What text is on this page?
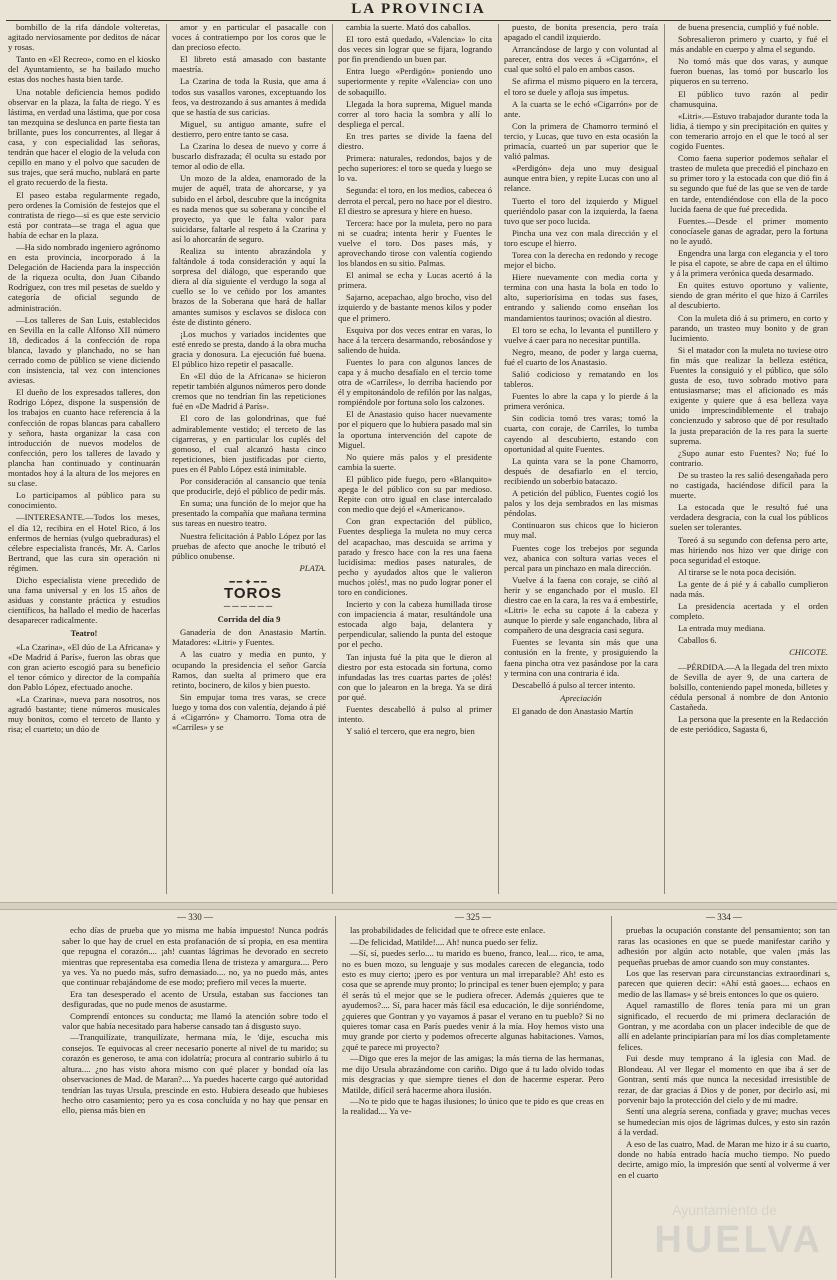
LA PROVINCIA

bombillo de la rifa dándole volteretas, agitado nerviosamente por deditos de nácar y rosas.

Tanto en «El Recreo», como en el kiosko del Ayuntamiento, se ha bailado mucho estas dos noches hasta bien tarde.

Una notable deficiencia hemos podido observar en la plaza, la falta de riego. Y es lástima, en verdad una lástima, que por cosa tan mezquina se deslunca en parte fiesta tan brillante, pues los concurrentes, al llegar á casa, y con especialidad las señoras, tendrán que hacer el elogio de la veluda con cepillo en mano y el polvo que sacuden de sus trajes, que será mucho, nublará en parte el grato recuerdo de la fiesta.

El paseo estaba regularmente regado, pero ordenes la Comisión de festejos que el contratista de riego—si es que este servicio está por contrata—se traga el agua que había de echar en la plaza.

—Ha sido nombrado ingeniero agrónomo en esta provincia, incorporado á la Delegación de Hacienda para la inspección de la riqueza oculta, don Juan Cibando Rodríguez, con tres mil pesetas de sueldo y categoría de oficial segundo de administración.

—Los talleres de San Luis, establecidos en Sevilla en la calle Alfonso XII número 18, dedicados á la confección de ropa blanca, lavado y planchado, no se han cerrado como de público se viene diciendo con insistencia, tal vez con intenciones aviesas.

El dueño de los expresados talleres, don Rodrigo López, dispone la suspensión de los trabajos en cuanto hace referencia á la confección de ropas blancas para caballero y señora, hasta organizar la casa con introducción de nuevos modelos de confección, pero los talleres de lavado y plancha han continuado y continuarán montados hoy á la altura de los mejores en su clase.

Lo participamos al público para su conocimiento.

—INTERESANTE.—Todos los meses, el día 12, recibira en el Hotel Rico, á los enfermos de hernias (vulgo quebraduras) el célebre especialista francés, Mr. A. Carlos Bertrand, que las cura sin operación ni régimen.

Dicho especialista viene precedido de una fama universal y en los 15 años de asiduas y constante práctica y estudios científicos, ha hallado el medio de hacerlas desaparecer radicalmente.

Teatro!

«La Czarina», «El dúo de La Africana» y «De Madrid á París», fueron las obras que con gran acierto escogió para su beneficio el tenor cómico y director de la compañía don Pablo López, efectuado anoche.

«La Czarina», nueva para nosotros, nos agradó bastante; tiene números musicales muy bonitos, como el terceto de llanto y risa; el cuarteto; un dúo de

amor y en particular el pasacalle con voces á contratiempo por los coros que le dan precioso efecto.

El libreto está amasado con bastante maestría.

La Czarina de toda la Rusia, que ama á todos sus vasallos varones, exceptuando los feos, va destrozando á sus amantes á medida que se hastía de sus caricias.

Miguel, su antiguo amante, sufre el destierro, pero entre tanto se casa.

La Czarina lo desea de nuevo y corre á buscarlo disfrazada; él oculta su estado por temor al odio de ella.

Un mozo de la aldea, enamorado de la mujer de aquél, trata de ahorcarse, y ya subido en el árbol, descubre que la incógnita es nada menos que su soberana y concibe el proyecto, ya que le falta valor para suicidarse, faltarle al respeto á la Czarina y así lo ahorcarán de seguro.

Realiza su intento abrazándola y faltándole á toda consideración y aquí la sorpresa del diálogo, que esperando que diera al día siguiente el verdugo la soga al cuello se lo ve ceñido por los amantes brazos de la Soberana que hará de hallar amantes sumisos y esclavos se disloca con éste de distinto género.

¡Los muchos y variados incidentes que esté enredo se presta, dando á la obra mucha gracia y donosura. La ejecución fué buena. El público hizo repetir el pasacalle.

En «El dúo de la Africana» se hicieron repetir también algunos números pero donde cremos que no tendrían fin las repeticiones fué en «De Madrid á París».

El coro de las golondrinas, que fué admirablemente vestido; el terceto de las cigarreras, y en particular los cuplés del gomoso, el cual alcanzó hasta cinco repeticiones, bien justificadas por cierto, pues en él Pablo López está inimitable.

Por consideración al cansancio que tenía que producirle, dejó el público de pedir más.

En suma; una función de lo mejor que ha presentado la compañía que mañana termina sus tareas en nuestro teatro.

Nuestra felicitación á Pablo López por las pruebas de afecto que anoche le tributó el público onubense.

PLATA.

━━✦━━

TOROS

──────

Corrida del día 9

Ganadería de don Anastasio Martín. Matadores: «Litri» y Fuentes.

A las cuatro y media en punto, y ocupando la presidencia el señor García Ramos, dan suelta al primero que era retinto, bocinero, de kilos y bien puesto.

Sin empujar toma tres varas, se crece luego y toma dos con valentía, dejando á pié á «Cigarrón» y Chamorro. Toma otra de «Carriles» y se

cambia la suerte. Mató dos caballos.

El toro está quedado, «Valencia» lo cita dos veces sin lograr que se fijara, logrando por fin prendiendo un buen par.

Entra luego «Perdigón» poniendo uno superiormente y repite «Valencia» con uno de sobaquillo.

Llegada la hora suprema, Miguel manda correr al toro hacia la sombra y allí lo despliega el percal.

En tres partes se divide la faena del diestro.

Primera: naturales, redondos, bajos y de pecho superiores: el toro se queda y luego se lo va.

Segunda: el toro, en los medios, cabecea ó derrota el percal, pero no hace por el diestro. El diestro se apresura y hiere en hueso.

Tercera: hace por la muleta, pero no para ni se cuadra; intenta herir y Fuentes le vuelve el toro. Dos pases más, y aprovechando tirose con valentía cogiendo los blandos en su sitio. Palmas.

El animal se echa y Lucas acertó á la primera.

Sajarno, acepachao, algo brocho, viso del izquierdo y de bastante menos kilos y poder que el primero.

Esquiva por dos veces entrar en varas, lo hace á la tercera desarmando, rebosándose y saliendo de huída.

Fuentes lo para con algunos lances de capa y á mucho desafíalo en el tercio tome otra de «Carriles», lo derriba haciendo por él y empitonándolo de refilón por las nalgas, rompiéndole por fortuna solo los calzones.

El de Anastasio quiso hacer nuevamente por el piquero que lo hubiera pasado mal sin la oportuna intervención del capote de Miguel.

No quiere más palos y el presidente cambia la suerte.

El público pide fuego, pero «Blanquito» apega le del público con su par medioso. Repite con otro igual en clase intercalado con medio que dejó el «Americano».

Con gran expectación del público, Fuentes despliega la muleta no muy cerca del acapachao, mas descuida se arrima y parado y fresco hace con la res una faena lucidísima: medios pases naturales, de pecho y ayudados altos que le valieron muchos ¡olés!, mas no pudo lograr poner el toro en condiciones.

Incierto y con la cabeza humillada tirose con impaciencia á matar, resultándole una estocada algo baja, delantera y perpendicular, saliendo la punta del estoque por el pecho.

Tan injusta fué la pita que le dieron al diestro por esta estocada sin fortuna, como infundadas las tres cuartas partes de ¡olés! con que lo jalearon en la brega. Ya se dirá por qué.

Fuentes descabelló á pulso al primer intento.

Y salió el tercero, que era negro, bien

puesto, de bonita presencia, pero traía apagado el candil izquierdo.

Arrancándose de largo y con voluntad al parecer, entra dos veces á «Cigarrón», el cual que soltó el palo en ambos casos.

Se afirma el mismo piquero en la tercera, el toro se duele y afloja sus ímpetus.

A la cuarta se le echó «Cigarrón» por de ante.

Con la primera de Chamorro terminó el tercio, y Lucas, que tuvo en esta ocasión la primacía, cuarteó un par superior que le valió palmas.

«Perdigón» deja uno muy desigual aunque entra bien, y repite Lucas con uno al relance.

Tuerto el toro del izquierdo y Miguel queriéndolo pasar con la izquierda, la faena tuvo que ser poco lucida.

Pincha una vez con mala dirección y el toro escupe el hierro.

Torea con la derecha en redondo y recoge mejor el bicho.

Hiere nuevamente con media corta y termina con una hasta la bola en todo lo alto, superiorísima en todas sus fases, entrando y saliendo como enseñan los mandamientos taurinos; ovación al diestro.

El toro se echa, lo levanta el puntillero y vuelve á caer para no necesitar puntilla.

Negro, meano, de poder y larga cuerna, fué el cuarto de los Anastasio.

Salió codicioso y rematando en los tableros.

Fuentes lo abre la capa y lo pierde á la primera verónica.

Sin codicia tomó tres varas; tomó la cuarta, con coraje, de Carriles, lo tumba cayendo al descubierto, estando con oportunidad al quite Fuentes.

La quinta vara se la pone Chamorro, después de desafiarlo en el tercio, recibiendo un soberbio batacazo.

A petición del público, Fuentes cogió los palos y los deja sembrados en las mismas péndolas.

Continuaron sus chicos que lo hicieron muy mal.

Fuentes coge los trebejos por segunda vez, abanica con soltura varias veces el percal para un pinchazo en mala dirección.

Vuelve á la faena con coraje, se ciñó al herir y se enganchado por el muslo. El diestro cae en la cara, la res va á embestirle, «Litri» le echa su capote á la cabeza y aunque lo pierde y sale enganchado, libra al compañero de una desgracia casi segura.

Fuentes se levanta sin más que una contusión en la frente, y prosiguiendo la faena pincha otra vez pasándose por la cara y termina con una contraria é ida.

Descabelló á pulso al tercer intento.

Apreciación

El ganado de don Anastasio Martín

de buena presencia, cumplió y fué noble.

Sobresalieron primero y cuarto, y fué el más andable en cuerpo y alma el segundo.

No tomó más que dos varas, y aunque fueron buenas, las tomó por buscarlo los piqueros en su terreno.

El público tuvo razón al pedir chamusquina.

«Litri».—Estuvo trabajador durante toda la lidia, á tiempo y sin precipitación en quites y con temerario arrojo en el que le tocó al ser cogido Fuentes.

Como faena superior podemos señalar el trasteo de muleta que precedió el pinchazo en su primer toro y la estocada con que dió fin á su segundo que fué de las que se ven de tarde en tarde, entendiéndose con ella de la poco lucida faena de que fué precedida.

Fuentes.—Desde el primer momento conocíasele ganas de agradar, pero la fortuna no le ayudó.

Engendra una larga con elegancia y el toro le pisa el capote, se abre de capa en el último y á la primera verónica queda desarmado.

En quites estuvo oportuno y valiente, siendo de gran mérito el que hizo á Carriles al descubierto.

Con la muleta dió á su primero, en corto y parando, un trasteo muy bonito y de gran lucimiento.

Si el matador con la muleta no tuviese otro fin más que realizar la belleza estética, Fuentes la consiguió y el público, que sólo gusta de eso, tuvo sobrado motivo para entusiasmarse; mas el aficionado es más exigente y quiere que á esa belleza vaya unido imprescindiblemente el trabajo concienzudo y sabroso que dé por resultado la justa preparación de la res para la suerte suprema.

¿Supo aunar esto Fuentes? No; fué lo contrario.

De su trasteo la res salió desengañada pero no castigada, haciéndose difícil para la muerte.

La estocada que le resultó fué una verdadera desgracia, con la cual los públicos suelen ser tolerantes.

Toreó á su segundo con defensa pero arte, mas hiriendo nos hizo ver que dirige con poca seguridad el estoque.

Al tirarse se le nota poca decisión.

La gente de á pié y á caballo cumplieron nada más.

La presidencia acertada y el orden completo.

La entrada muy mediana.

Caballos 6.

CHICOTE.

—PÉRDIDA.—A la llegada del tren mixto de Sevilla de ayer 9, de una cartera de bolsillo, conteniendo papel moneda, billetes y cédula personal á nombre de don Antonio Castañeda.

La persona que la presente en la Redacción de este periódico, Sagasta 6,

— 330 —

echo días de prueba que yo misma me había impuesto! Nunca podrás saber lo que hay de cruel en esta profanación de sí propia, en esa mentira que repugna el corazón.... ¡ah! cuantas lágrimas he devorado en secreto mientras que representaba esa comedia llena de tristeza y amargura.... Pero ya ves. Ya no puedo más, sufro demasiado.... no, ya no puedo más, antes que continuar rebajándome de ese modo; prefiero mil veces la muerte.

Era tan desesperado el acento de Ursula, estaban sus facciones tan desfiguradas, que no pude menos de asustarme.

Comprendí entonces su conducta; me llamó la atención sobre todo el valor que había necesitado para haberse cansado tan á disgusto suyo.

—Tranquilízate, tranquilízate, hermana mía, le 'dije, escucha mis consejos. Te equivocas al creer necesario ponerte al nivel de tu marido; su corazón es generoso, te ama con idolatría; procura al contrario subirlo á tu altura.... ¿no has visto ahora mismo con qué placer y bondad oía las observaciones de Mad. de Maran?.... Ya puedes hacerte cargo qué autoridad tendrían las tuyas Ursula, prescinde en esto. Hubiera deseado que hubieses hecho otro casamiento; pero ya es cosa concluída y no hay que pensar en ello, piensa más bien en

— 325 —

las probabilidades de felicidad que te ofrece este enlace.

—De felicidad, Matilde!.... Ah! nunca puedo ser feliz.

—Sí, sí, puedes serlo.... tu marido es bueno, franco, leal.... rico, te ama, no es buen mozo, su lenguaje y sus modales carecen de elegancia, todo esto es muy cierto; ¡pero es por ventura un mal irreparable? Ah! esto es cosa que se aprende muy pronto; lo principal es tener buen ejemplo; y para él serás tú el mejor que se le pudiera ofrecer. Además ¿quieres que te ayudemos?.... Sí, para hacer más fácil esa educación, le dije sonriéndome, ¿quieres que Gontran y yo vayamos á pasar el verano en tu pueblo? Si no quieres tomar casa en París puedes venir á la mía. Hoy hemos visto una muy grande por cierto y podemos ofrecerte algunas habitaciones. Vamos, ¿qué te parece mi proyecto?

—Digo que eres la mejor de las amigas; la más tierna de las hermanas, me dijo Ursula abrazándome con cariño. Digo que á tu lado olvido todas mis desgracias y que siempre tienes el don de hacerme esperar. Pero Matilde, difícil será hacerme ahora ilusión.

—No te pido que te hagas ilusiones; lo único que te pido es que creas en la realidad.... Ya ve-

— 334 —

pruebas la ocupación constante del pensamiento; son tan raras las ocasiones en que se puede manifestar cariño y adhesión por algún acto notable, que valen ¡más las pequeñas pruebas de amor cuando son muy constantes.

Los que las reservan para circunstancias extraordinari s, parecen que quieren decir: «Ahí está gaoes.... echaos en medio de las llamas» y sé breis entonces lo que os quiero.

Aquel ramastillo de flores tenía para mi un gran significado, el recuerdo de mi primera declaración de Gontran, y me acordaba con un placer indecible de que de allí en adelante principiarían para mí los días completamente felices.

Fui desde muy temprano á la iglesia con Mad. de Blondeau. Al ver llegar el momento en que iba á ser de Gontran, sentí más que nunca la necesidad irresistible de rezar, de dar gracias á Dios y de poner, por decirlo así, mi porvenir bajo la protección del cielo y de mi madre.

Sentí una alegría serena, confiada y grave; muchas veces se humedecían mis ojos de lágrimas dulces, y esto sin razón á la verdad.

A eso de las cuatro, Mad. de Maran me hizo ir á su cuarto, donde no había entrado hacía mucho tiempo. No puedo decirte, amigo mío, la impresión que sentí al volverme á ver en el cuarto

Ayuntamiento de
HUELVA
